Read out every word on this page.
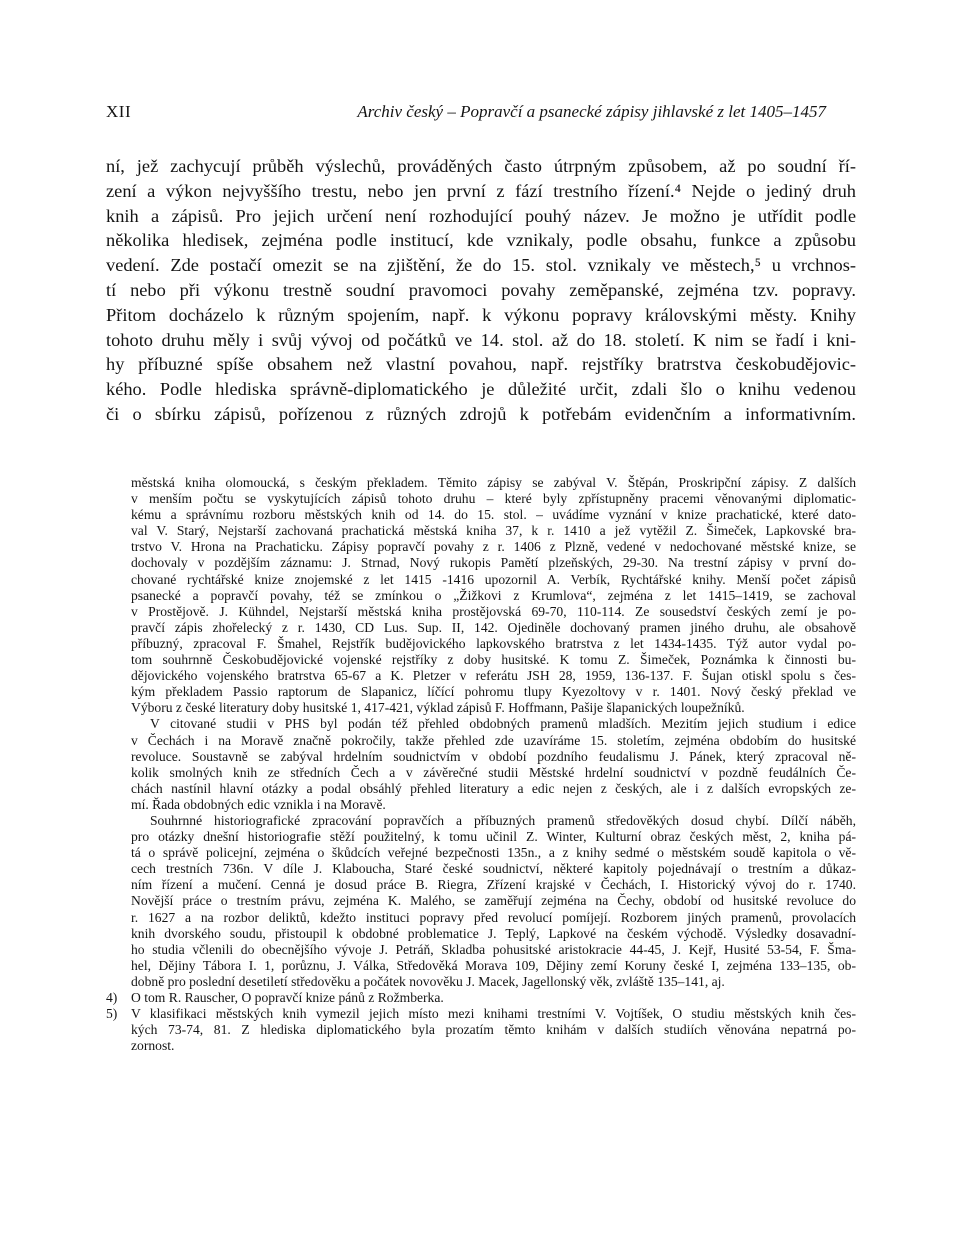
XII	Archiv český – Popravčí a psanecké zápisy jihlavské z let 1405–1457
ní, jež zachycují průběh výslechů, prováděných často útrpným způsobem, až po soudní ří-
zení a výkon nejvyššího trestu, nebo jen první z fází trestního řízení.⁴ Nejde o jediný druh
knih a zápisů. Pro jejich určení není rozhodující pouhý název. Je možno je utřídit podle
několika hledisek, zejména podle institucí, kde vznikaly, podle obsahu, funkce a způsobu
vedení. Zde postačí omezit se na zjištění, že do 15. stol. vznikaly ve městech,⁵ u vrchnos-
tí nebo při výkonu trestně soudní pravomoci povahy zeměpanské, zejména tzv. popravy.
Přitom docházelo k různým spojením, např. k výkonu popravy královskými městy. Knihy
tohoto druhu měly i svůj vývoj od počátků ve 14. stol. až do 18. století. K nim se řadí i kni-
hy příbuzné spíše obsahem než vlastní povahou, např. rejstříky bratrstva českobudějovic-
kého. Podle hlediska správně-diplomatického je důležité určit, zdali šlo o knihu vedenou
či o sbírku zápisů, pořízenou z různých zdrojů k potřebám evidenčním a informativním.
městská kniha olomoucká, s českým překladem. Těmito zápisy se zabýval V. Štěpán, Proskripční zápisy. Z dalších
v menším počtu se vyskytujících zápisů tohoto druhu – které byly zpřístupněny pracemi věnovanými diplomatic-
kému a správnímu rozboru městských knih od 14. do 15. stol. – uvádíme vyznání v knize prachatické, které dato-
val V. Starý, Nejstarší zachovaná prachatická městská kniha 37, k r. 1410 a jež vytěžil Z. Šimeček, Lapkovské bra-
trstvo V. Hrona na Prachaticku. Zápisy popravčí povahy z r. 1406 z Plzně, vedené v nedochované městské knize, se
dochovaly v pozdějším záznamu: J. Strnad, Nový rukopis Pamětí plzeňských, 29-30. Na trestní zápisy v první do-
chované rychtářské knize znojemské z let 1415 -1416 upozornil A. Verbík, Rychtářské knihy. Menší počet zápisů
psanecké a popravčí povahy, též se zmínkou o „Žižkovi z Krumlova“, zejména z let 1415–1419, se zachoval
v Prostějově. J. Kühndel, Nejstarší městská kniha prostějovská 69-70, 110-114. Ze sousedství českých zemí je po-
pravčí zápis zhořelecký z r. 1430, CD Lus. Sup. II, 142. Ojediněle dochovaný pramen jiného druhu, ale obsahově
příbuzný, zpracoval F. Šmahel, Rejstřík budějovického lapkovského bratrstva z let 1434-1435. Týž autor vydal po-
tom souhrnně Českobudějovické vojenské rejstříky z doby husitské. K tomu Z. Šimeček, Poznámka k činnosti bu-
dějovického vojenského bratrstva 65-67 a K. Pletzer v referátu JSH 28, 1959, 136-137. F. Šujan otiskl spolu s čes-
kým překladem Passio raptorum de Slapanicz, líčící pohromu tlupy Kyezoltovy v r. 1401. Nový český překlad ve
Výboru z české literatury doby husitské 1, 417-421, výklad zápisů F. Hoffmann, Pašije šlapanických loupežníků.
V citované studii v PHS byl podán též přehled obdobných pramenů mladších. Mezitím jejich studium i edice
v Čechách i na Moravě značně pokročily, takže přehled zde uzavíráme 15. stoletím, zejména obdobím do husitské
revoluce. Soustavně se zabýval hrdelním soudnictvím v období pozdního feudalismu J. Pánek, který zpracoval ně-
kolik smolných knih ze středních Čech a v závěrečné studii Městské hrdelní soudnictví v pozdně feudálních Če-
chách nastínil hlavní otázky a podal obsáhlý přehled literatury a edic nejen z českých, ale i z dalších evropských ze-
mí. Řada obdobných edic vznikla i na Moravě.
Souhrnné historiografické zpracování popravčích a příbuzných pramenů středověkých dosud chybí. Dílčí náběh,
pro otázky dnešní historiografie stěží použitelný, k tomu učinil Z. Winter, Kulturní obraz českých měst, 2, kniha pá-
tá o správě policejní, zejména o škůdcích veřejné bezpečnosti 135n., a z knihy sedmé o městském soudě kapitola o vě-
cech trestních 736n. V díle J. Klabouchа, Staré české soudnictví, některé kapitoly pojednávají o trestním a důkaz-
ním řízení a mučení. Cenná je dosud práce B. Riegra, Zřízení krajské v Čechách, I. Historický vývoj do r. 1740.
Novější práce o trestním právu, zejména K. Malého, se zaměřují zejména na Čechy, období od husitské revoluce do
r. 1627 a na rozbor deliktů, kdežto instituci popravy před revolucí pomíjejí. Rozborem jiných pramenů, provolacích
knih dvorského soudu, přistoupil k obdobné problematice J. Teplý, Lapkové na českém východě. Výsledky dosavadní-
ho studia včlenili do obecnějšího vývoje J. Petráň, Skladba pohusitské aristokracie 44-45, J. Kejř, Husité 53-54, F. Šma-
hel, Dějiny Tábora I. 1, porůznu, J. Válka, Středověká Morava 109, Dějiny zemí Koruny české I, zejména 133–135, ob-
dobně pro poslední desetiletí středověku a počátek novověku J. Macek, Jagellonský věk, zvláště 135–141, aj.
4)	O tom R. Rauscher, O popravčí knize pánů z Rožmberka.
5)	V klasifikaci městských knih vymezil jejich místo mezi knihami trestními V. Vojtíšek, O studiu městských knih čes-
kých 73-74, 81. Z hlediska diplomatického byla prozatím těmto knihám v dalších studiích věnována nepatrná po-
zornost.
